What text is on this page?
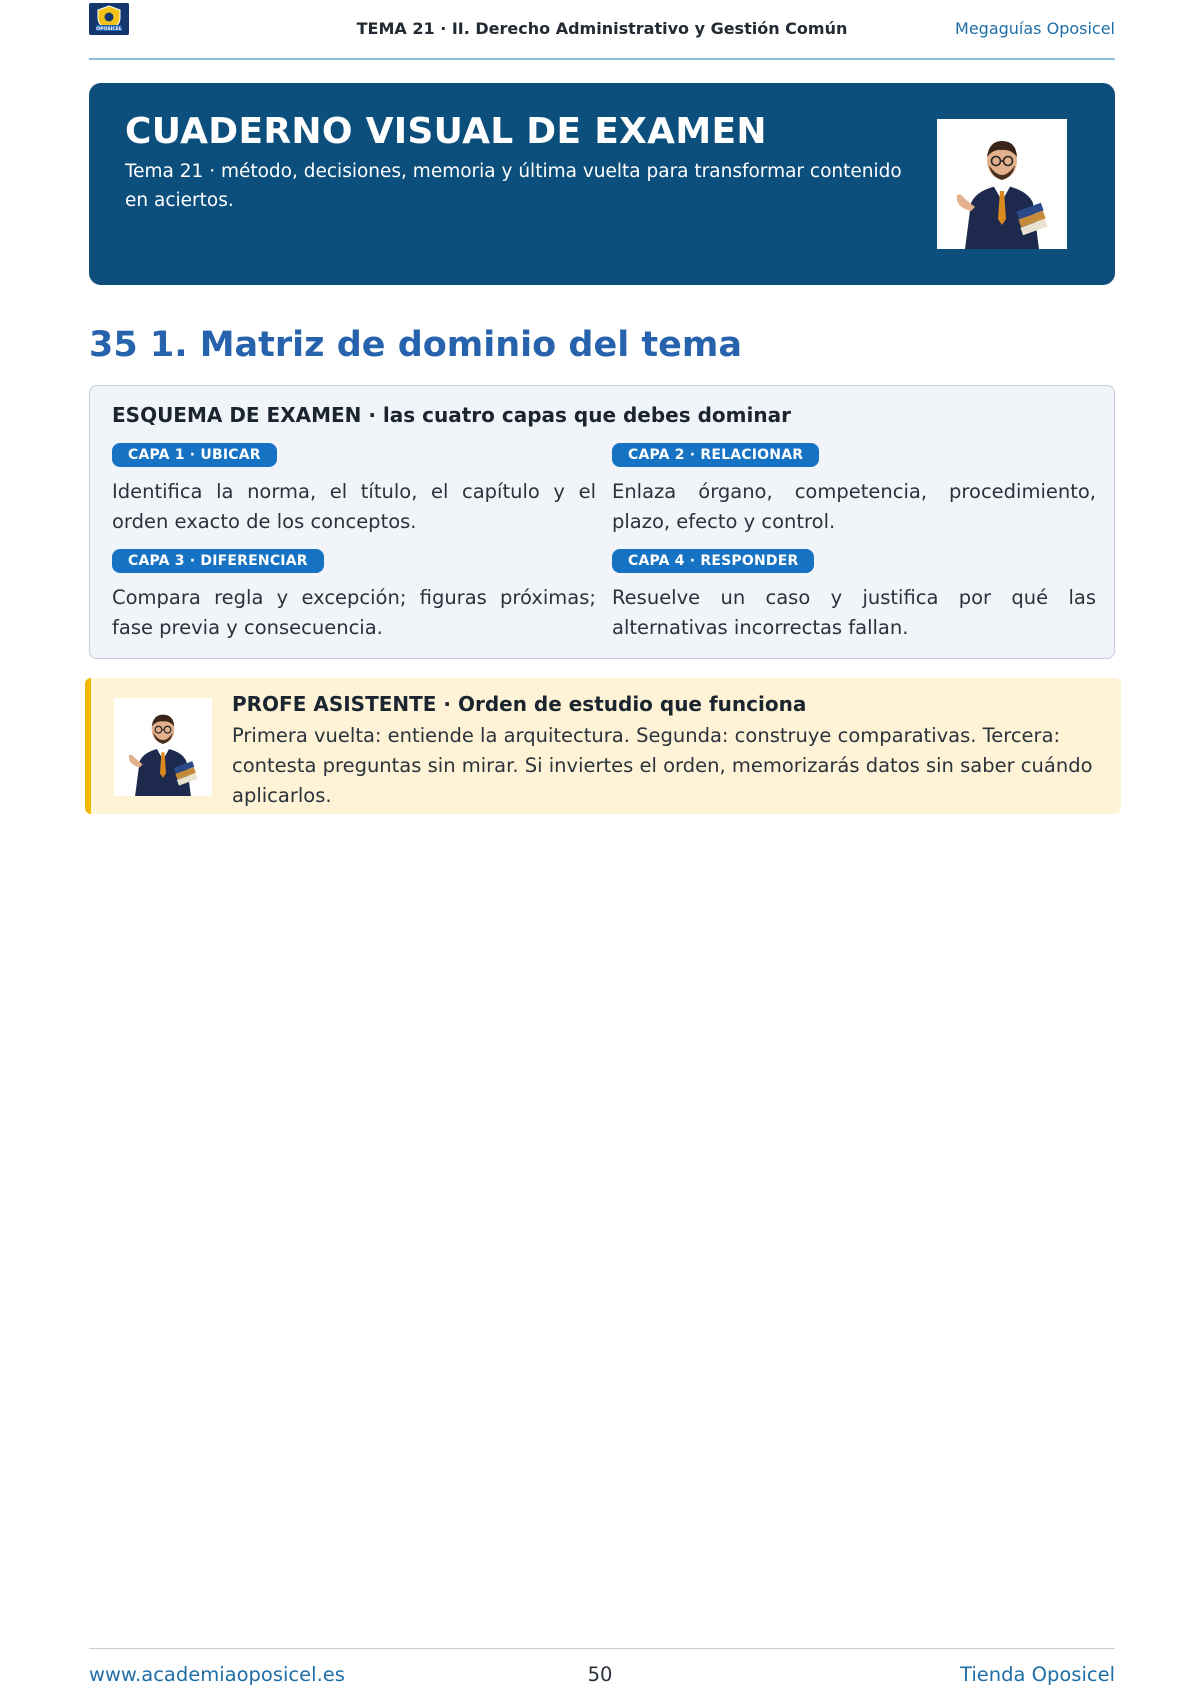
OPOSICEL	TEMA 21 · II. Derecho Administrativo y Gestión Común	Megaguías Oposicel
CUADERNO VISUAL DE EXAMEN
Tema 21 · método, decisiones, memoria y última vuelta para transformar contenido en aciertos.
35 1. Matriz de dominio del tema
ESQUEMA DE EXAMEN · las cuatro capas que debes dominar
CAPA 1 · UBICAR
Identifica la norma, el título, el capítulo y el orden exacto de los conceptos.
CAPA 2 · RELACIONAR
Enlaza órgano, competencia, procedimiento, plazo, efecto y control.
CAPA 3 · DIFERENCIAR
Compara regla y excepción; figuras próximas; fase previa y consecuencia.
CAPA 4 · RESPONDER
Resuelve un caso y justifica por qué las alternativas incorrectas fallan.
PROFE ASISTENTE · Orden de estudio que funciona
Primera vuelta: entiende la arquitectura. Segunda: construye comparativas. Tercera: contesta preguntas sin mirar. Si inviertes el orden, memorizarás datos sin saber cuándo aplicarlos.
www.academiaoposicel.es	50	Tienda Oposicel
